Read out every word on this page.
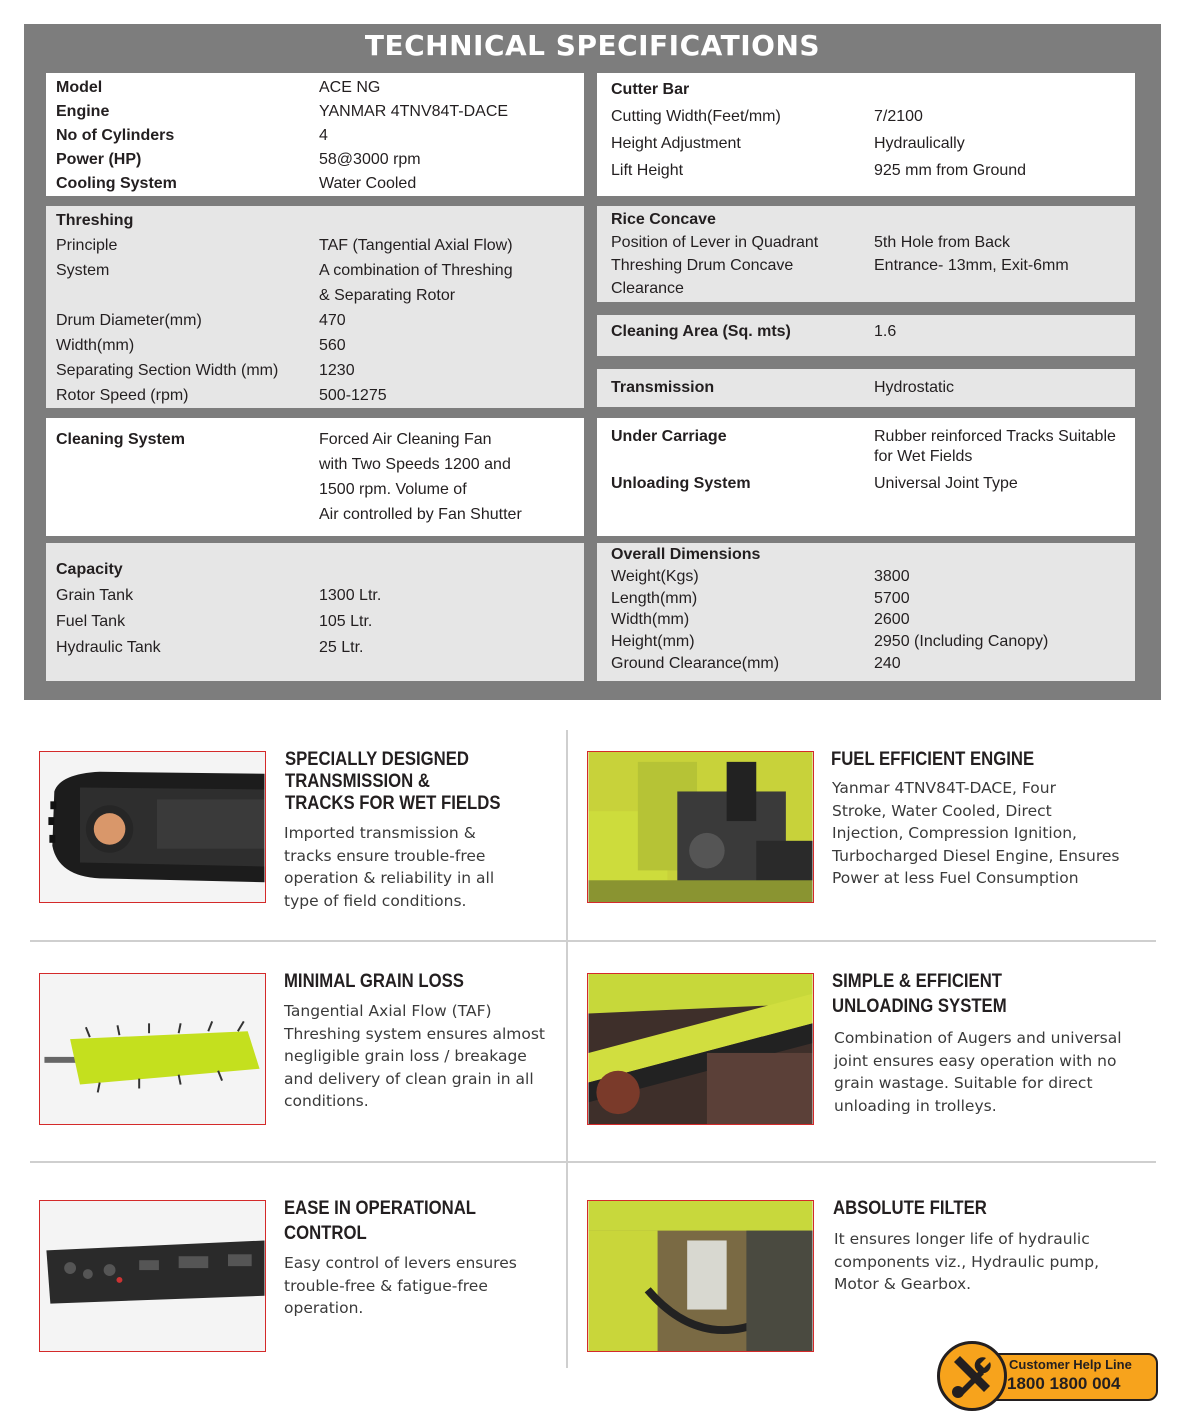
TECHNICAL SPECIFICATIONS
Model	ACE NG
Engine	YANMAR 4TNV84T-DACE
No of Cylinders	4
Power (HP)	58@3000 rpm
Cooling System	Water Cooled
Threshing
Principle	TAF (Tangential Axial Flow)
System	A combination of Threshing
& Separating Rotor
Drum Diameter(mm)	470
Width(mm)	560
Separating Section Width (mm)	1230
Rotor Speed (rpm)	500-1275
Cleaning System	Forced Air Cleaning Fan
with Two Speeds 1200 and
1500 rpm. Volume of
Air controlled by Fan Shutter
Capacity
Grain Tank	1300 Ltr.
Fuel Tank	105 Ltr.
Hydraulic Tank	25 Ltr.
Cutter Bar
Cutting Width(Feet/mm)	7/2100
Height Adjustment	Hydraulically
Lift Height	925 mm from Ground
Rice Concave
Position of Lever in Quadrant	5th Hole from Back
Threshing Drum Concave	Entrance- 13mm, Exit-6mm
Clearance
Cleaning Area (Sq. mts)	1.6
Transmission	Hydrostatic
Under Carriage	Rubber reinforced Tracks Suitable
for Wet Fields
Unloading System	Universal Joint Type
Overall Dimensions
Weight(Kgs)	3800
Length(mm)	5700
Width(mm)	2600
Height(mm)	2950 (Including Canopy)
Ground Clearance(mm)	240
SPECIALLY DESIGNED
TRANSMISSION &
TRACKS FOR WET FIELDS
Imported transmission &
tracks ensure trouble-free
operation & reliability in all
type of field conditions.
FUEL EFFICIENT ENGINE
Yanmar 4TNV84T-DACE, Four
Stroke, Water Cooled, Direct
Injection, Compression Ignition,
Turbocharged Diesel Engine, Ensures
Power at less Fuel Consumption
MINIMAL GRAIN LOSS
Tangential Axial Flow (TAF)
Threshing system ensures almost
negligible grain loss / breakage
and delivery of clean grain in all
conditions.
SIMPLE & EFFICIENT
UNLOADING SYSTEM
Combination of Augers and universal
joint ensures easy operation with no
grain wastage. Suitable for direct
unloading in trolleys.
EASE IN OPERATIONAL
CONTROL
Easy control of levers ensures
trouble-free & fatigue-free
operation.
ABSOLUTE FILTER
It ensures longer life of hydraulic
components viz., Hydraulic pump,
Motor & Gearbox.
Customer Help Line
1800 1800 004
